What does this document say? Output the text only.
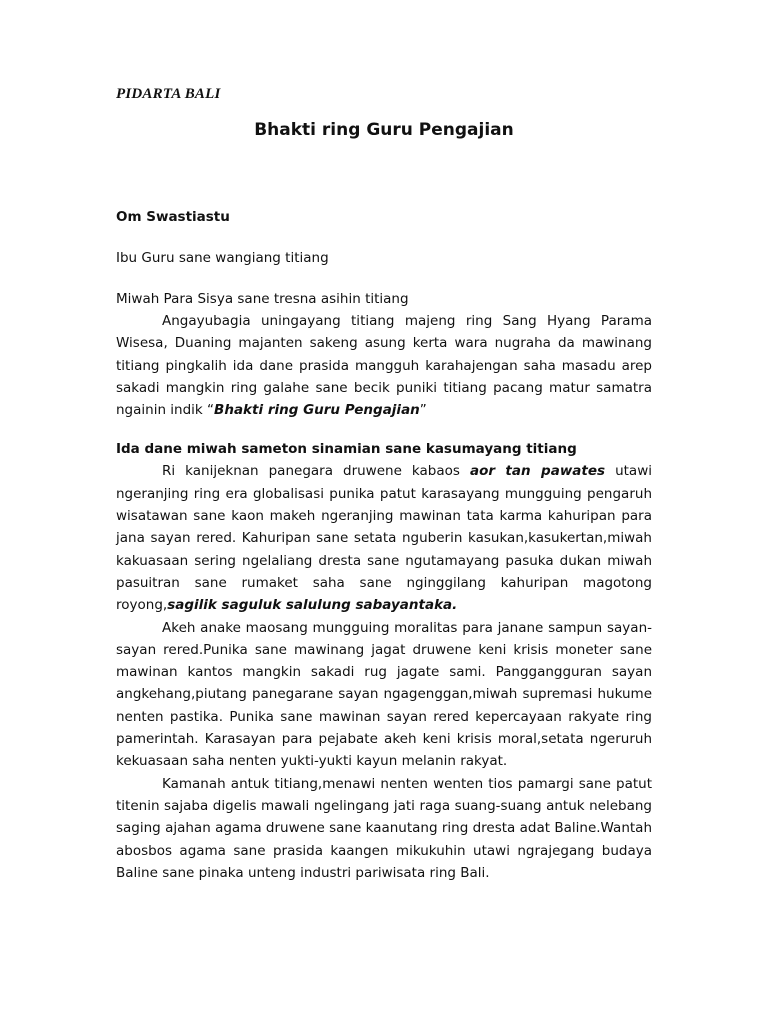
PIDARTA BALI
Bhakti ring Guru Pengajian

Om Swastiastu

Ibu Guru sane wangiang titiang

Miwah Para Sisya sane tresna asihin titiang

Angayubagia uningayang titiang majeng ring Sang Hyang Parama Wisesa, Duaning majanten sakeng asung kerta wara nugraha da mawinang titiang pingkalih ida dane prasida mangguh karahajengan saha masadu arep sakadi mangkin ring galahe sane becik puniki titiang pacang matur samatra ngainin indik “Bhakti ring Guru Pengajian”

Ida dane miwah sameton sinamian sane kasumayang titiang

Ri kanijeknan panegara druwene kabaos aor tan pawates utawi ngeranjing ring era globalisasi punika patut karasayang mungguing pengaruh wisatawan sane kaon makeh ngeranjing mawinan tata karma kahuripan para jana sayan rered. Kahuripan sane setata nguberin kasukan,kasukertan,miwah kakuasaan sering ngelaliang dresta sane ngutamayang pasuka dukan miwah pasuitran sane rumaket saha sane nginggilang kahuripan magotong royong,sagilik saguluk salulung sabayantaka.

Akeh anake maosang mungguing moralitas para janane sampun sayan-sayan rered.Punika sane mawinang jagat druwene keni krisis moneter sane mawinan kantos mangkin sakadi rug jagate sami. Panggangguran sayan angkehang,piutang panegarane sayan ngagenggan,miwah supremasi hukume nenten pastika. Punika sane mawinan sayan rered kepercayaan rakyate ring pamerintah. Karasayan para pejabate akeh keni krisis moral,setata ngeruruh kekuasaan saha nenten yukti-yukti kayun melanin rakyat.

Kamanah antuk titiang,menawi nenten wenten tios pamargi sane patut titenin sajaba digelis mawali ngelingang jati raga suang-suang antuk nelebang saging ajahan agama druwene sane kaanutang ring dresta adat Baline.Wantah abosbos agama sane prasida kaangen mikukuhin utawi ngrajegang budaya Baline sane pinaka unteng industri pariwisata ring Bali.
